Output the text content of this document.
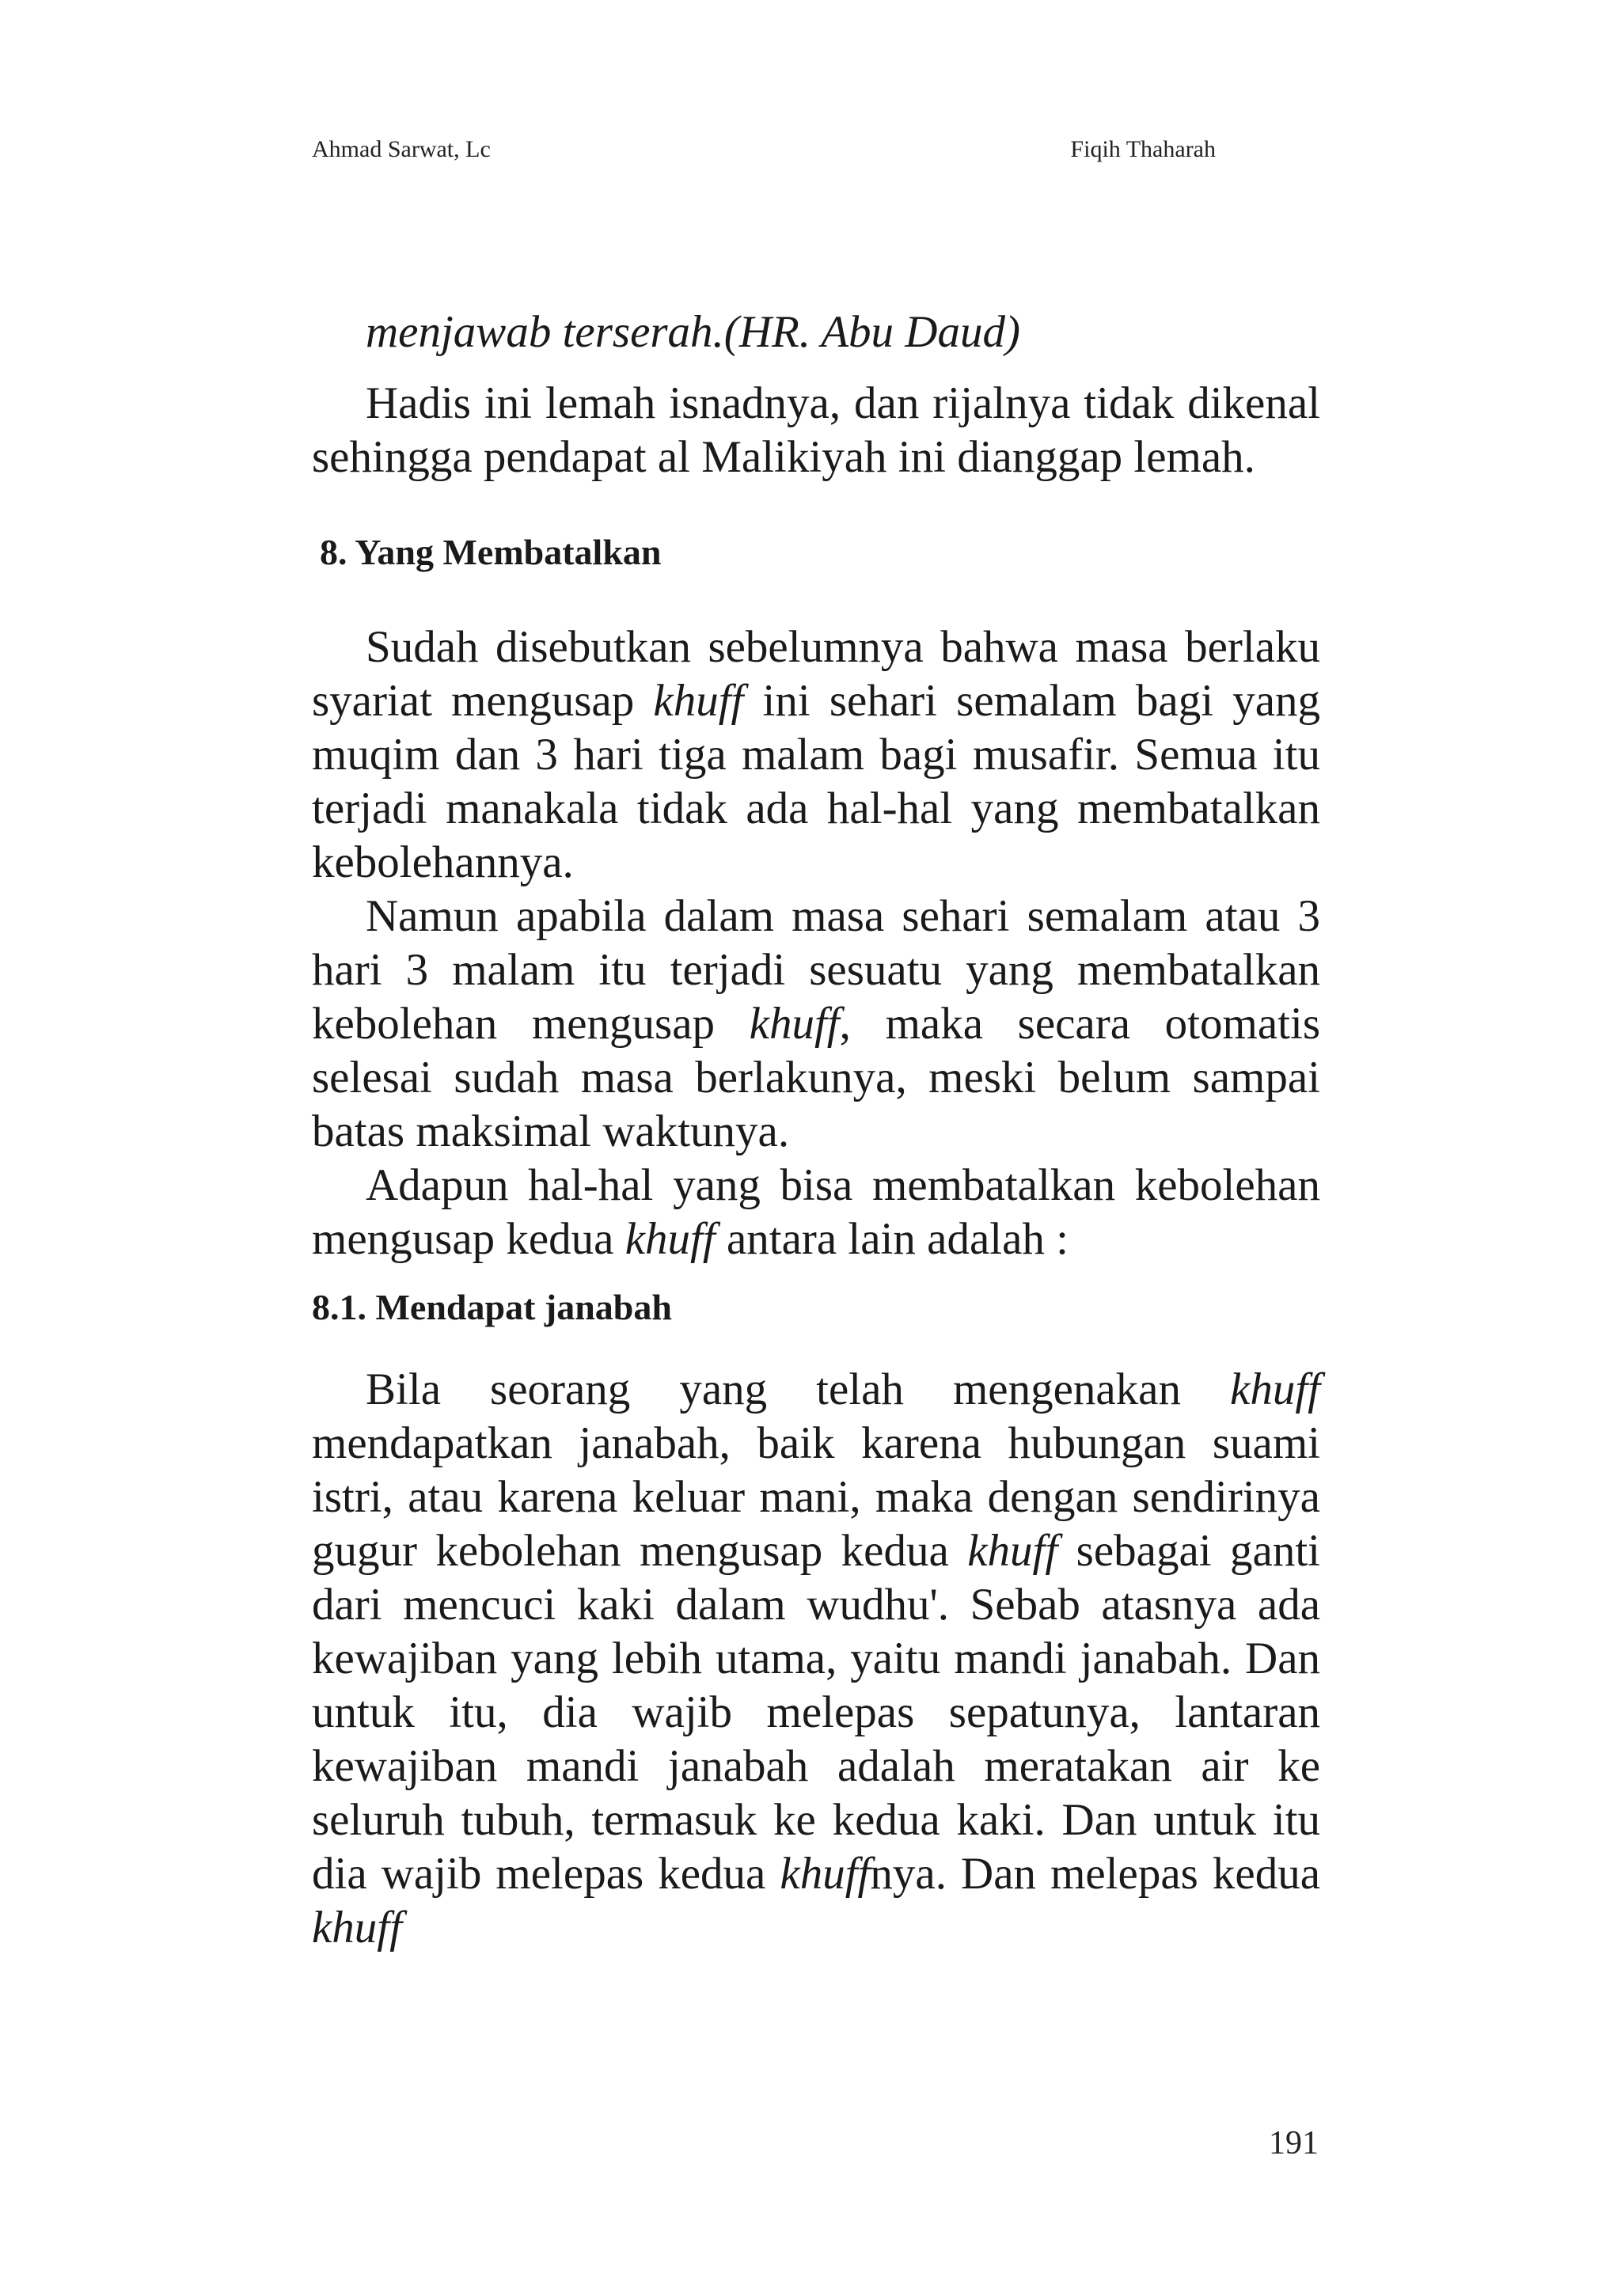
Ahmad Sarwat, Lc	Fiqih Thaharah

menjawab terserah.(HR. Abu Daud)

Hadis ini lemah isnadnya, dan rijalnya tidak dikenal sehingga pendapat al Malikiyah ini dianggap lemah.

8. Yang Membatalkan

Sudah disebutkan sebelumnya bahwa masa berlaku syariat mengusap khuff ini sehari semalam bagi yang muqim dan 3 hari tiga malam bagi musafir. Semua itu terjadi manakala tidak ada hal-hal yang membatalkan kebolehannya.

Namun apabila dalam masa sehari semalam atau 3 hari 3 malam itu terjadi sesuatu yang membatalkan kebolehan mengusap khuff, maka secara otomatis selesai sudah masa berlakunya, meski belum sampai batas maksimal waktunya.

Adapun hal-hal yang bisa membatalkan kebolehan mengusap kedua khuff antara lain adalah :

8.1. Mendapat janabah

Bila seorang yang telah mengenakan khuff mendapatkan janabah, baik karena hubungan suami istri, atau karena keluar mani, maka dengan sendirinya gugur kebolehan mengusap kedua khuff sebagai ganti dari mencuci kaki dalam wudhu'. Sebab atasnya ada kewajiban yang lebih utama, yaitu mandi janabah. Dan untuk itu, dia wajib melepas sepatunya, lantaran kewajiban mandi janabah adalah meratakan air ke seluruh tubuh, termasuk ke kedua kaki. Dan untuk itu dia wajib melepas kedua khuffnya. Dan melepas kedua khuff

191
